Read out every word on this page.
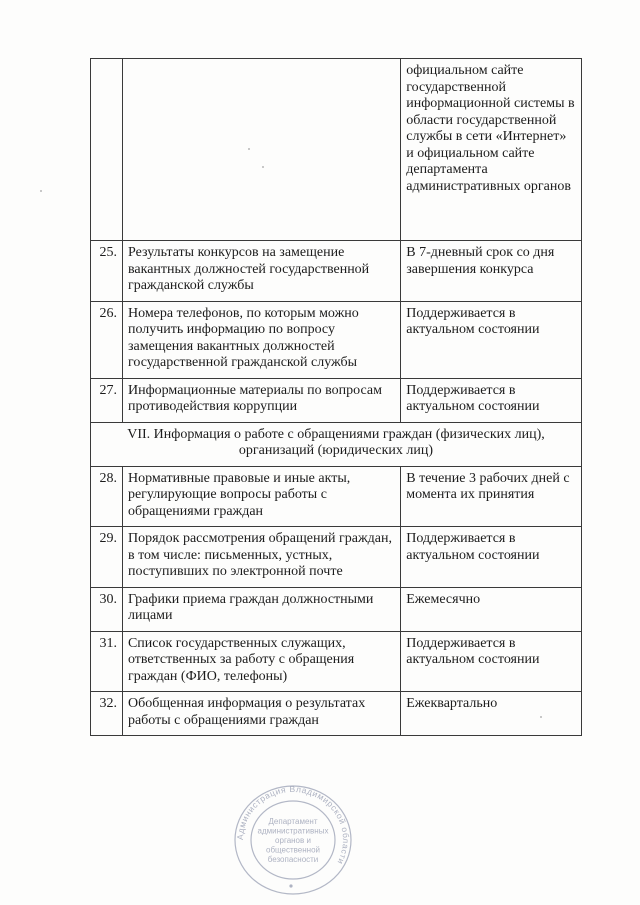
		официальном сайте государственной информационной системы в области государственной службы в сети «Интернет» и официальном сайте департамента административных органов
25.	Результаты конкурсов на замещение вакантных должностей государственной гражданской службы	В 7-дневный срок со дня завершения конкурса
26.	Номера телефонов, по которым можно получить информацию по вопросу замещения вакантных должностей государственной гражданской службы	Поддерживается в актуальном состоянии
27.	Информационные материалы по вопросам противодействия коррупции	Поддерживается в актуальном состоянии
VII. Информация о работе с обращениями граждан (физических лиц), организаций (юридических лиц)		
28.	Нормативные правовые и иные акты, регулирующие вопросы работы с обращениями граждан	В течение 3 рабочих дней с момента их принятия
29.	Порядок рассмотрения обращений граждан, в том числе: письменных, устных, поступивших по электронной почте	Поддерживается в актуальном состоянии
30.	Графики приема граждан должностными лицами	Ежемесячно
31.	Список государственных служащих, ответственных за работу с обращения граждан (ФИО, телефоны)	Поддерживается в актуальном состоянии
32.	Обобщенная информация о результатах работы с обращениями граждан	Ежеквартально
Администрация Владимирской области
Департамент
административных
органов и
общественной
безопасности
